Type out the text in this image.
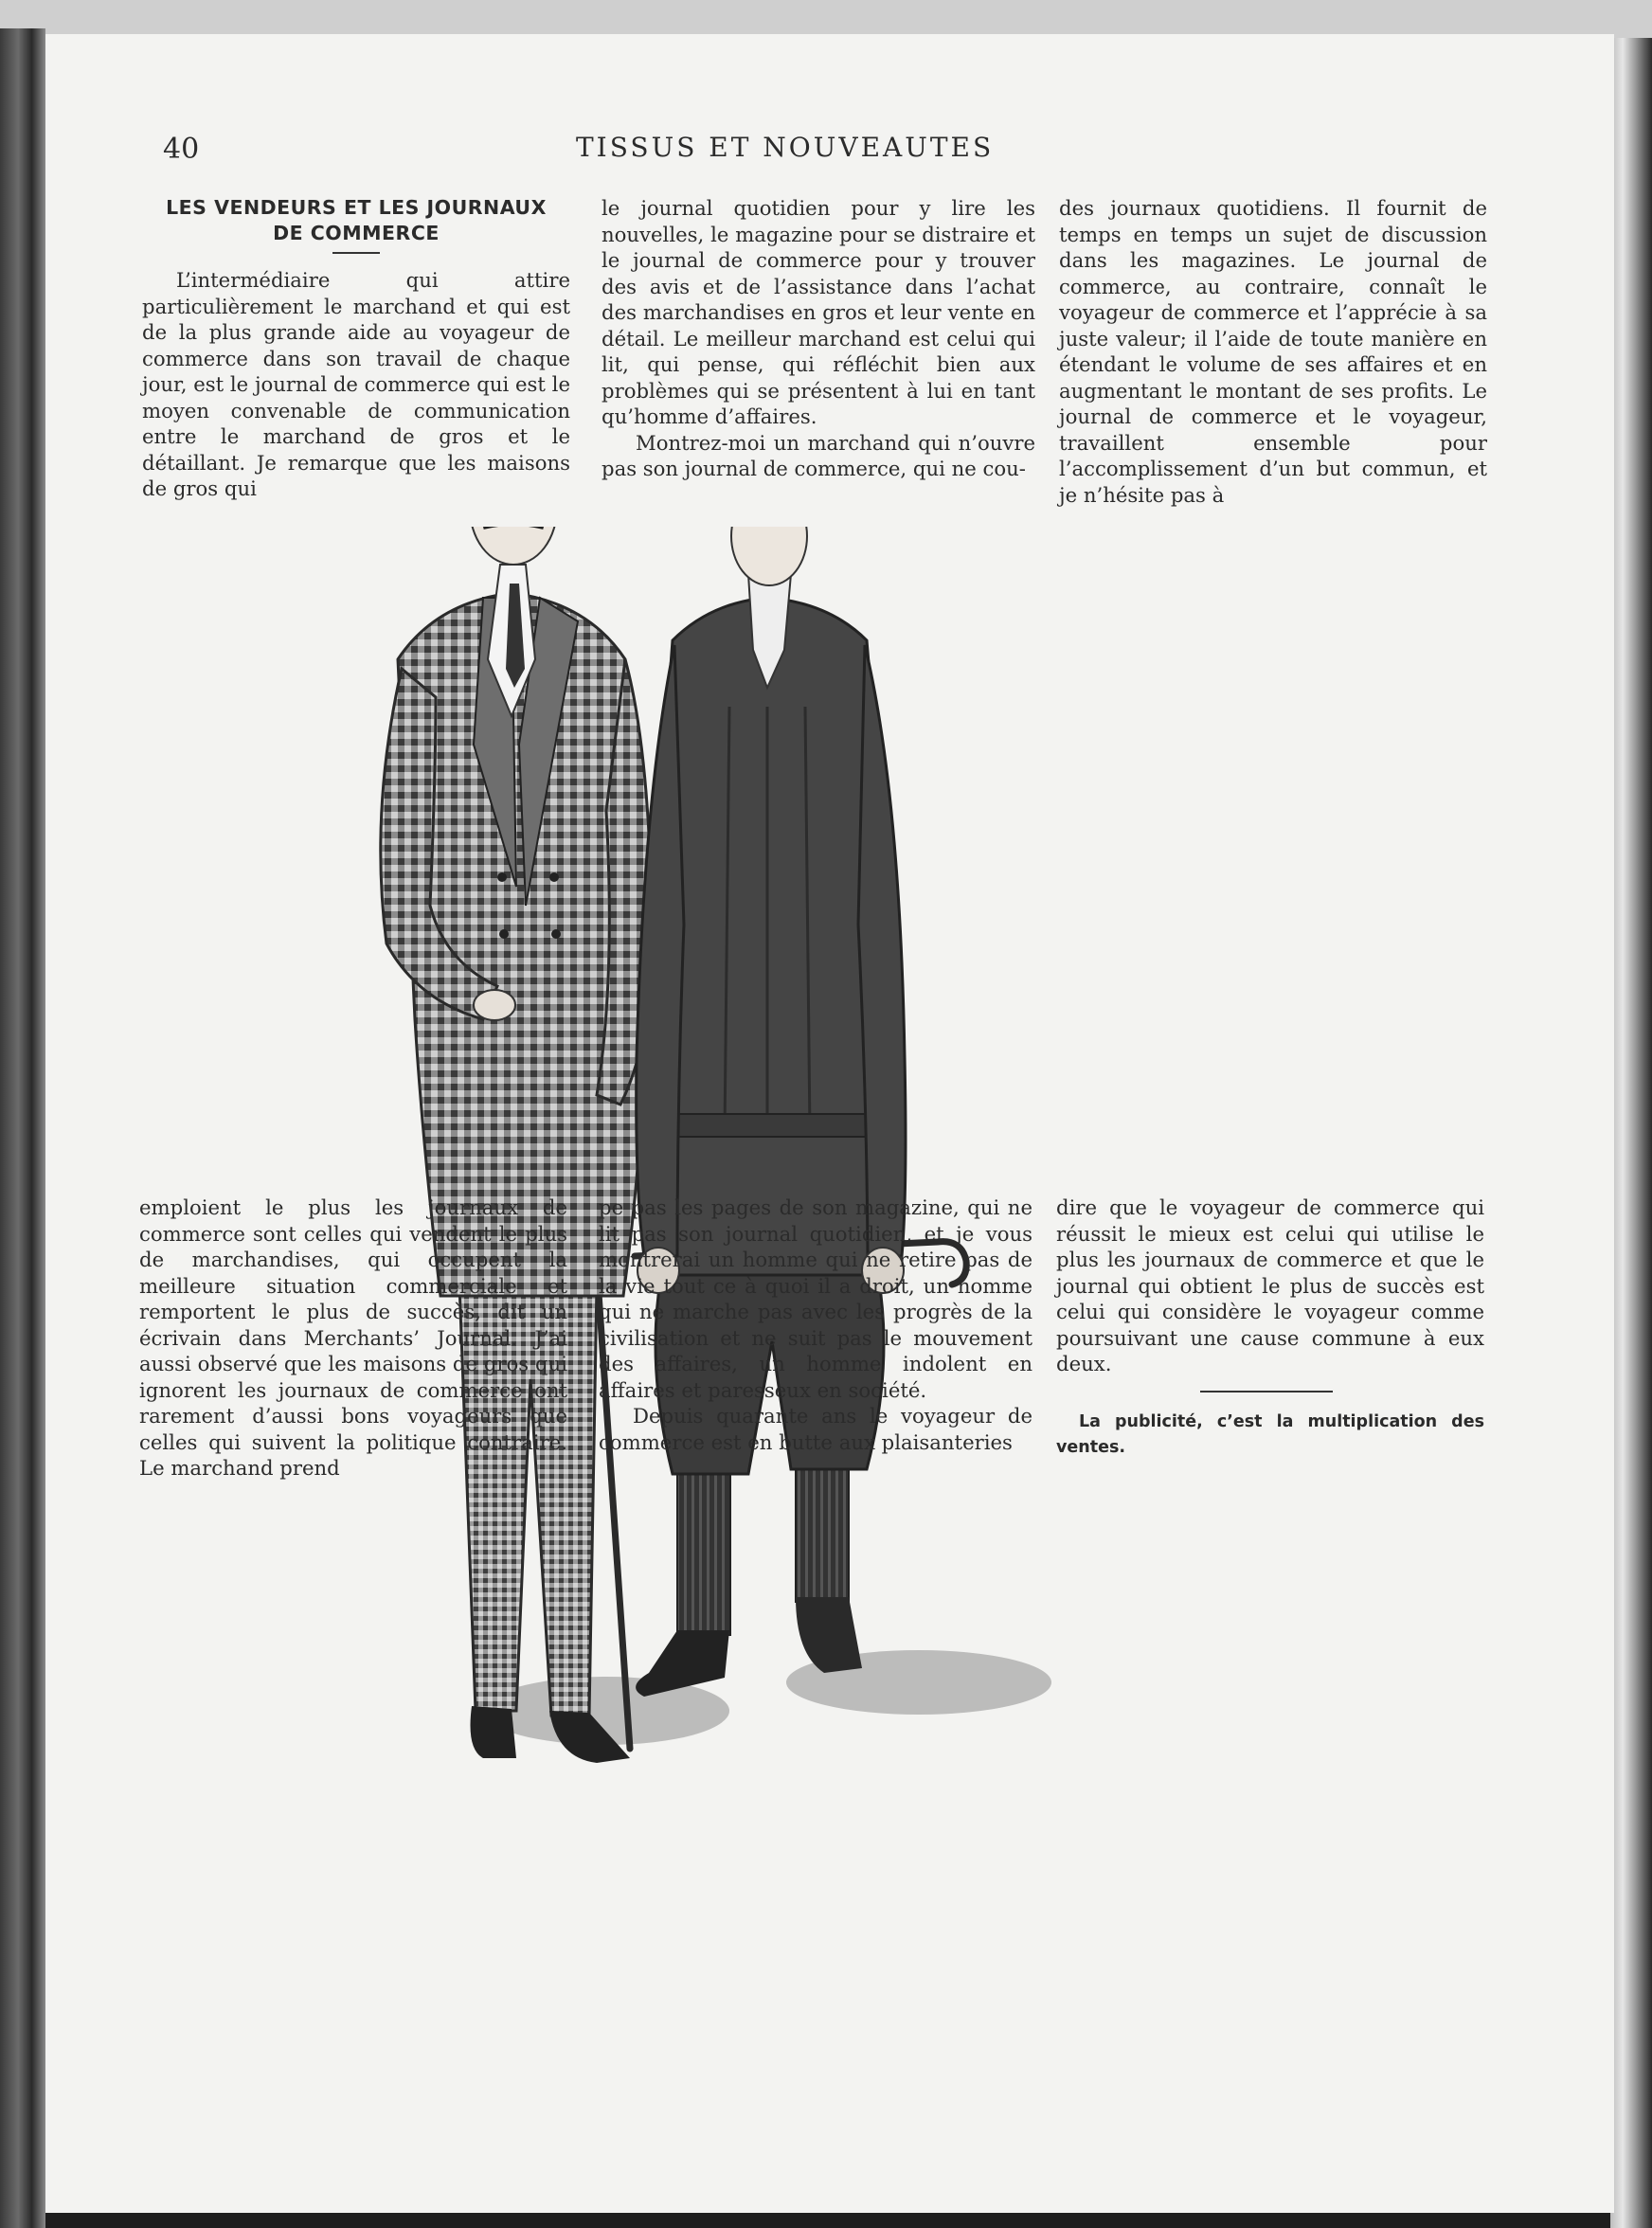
40	TISSUS ET NOUVEAUTES
LES VENDEURS ET LES JOURNAUX
DE COMMERCE

L’intermédiaire qui attire particulièrement le marchand et qui est de la plus grande aide au voyageur de commerce dans son travail de chaque jour, est le journal de commerce qui est le moyen convenable de communication entre le marchand de gros et le détaillant. Je remarque que les maisons de gros qui

le journal quotidien pour y lire les nouvelles, le magazine pour se distraire et le journal de commerce pour y trouver des avis et de l’assistance dans l’achat des marchandises en gros et leur vente en détail. Le meilleur marchand est celui qui lit, qui pense, qui réfléchit bien aux problèmes qui se présentent à lui en tant qu’homme d’affaires.

Montrez-moi un marchand qui n’ouvre pas son journal de commerce, qui ne cou-

des journaux quotidiens. Il fournit de temps en temps un sujet de discussion dans les magazines. Le journal de commerce, au contraire, connaît le voyageur de commerce et l’apprécie à sa juste valeur; il l’aide de toute manière en étendant le volume de ses affaires et en augmentant le montant de ses profits. Le journal de commerce et le voyageur, travaillent ensemble pour l’accomplissement d’un but commun, et je n’hésite pas à

emploient le plus les journaux de commerce sont celles qui vendent le plus de marchandises, qui occupent la meilleure situation commerciale et remportent le plus de succès, dit un écrivain dans Merchants’ Journal. J’ai aussi observé que les maisons de gros qui ignorent les journaux de commerce ont rarement d’aussi bons voyageurs que celles qui suivent la politique contraire. Le marchand prend

pe pas les pages de son magazine, qui ne lit pas son journal quotidien, et je vous montrerai un homme qui ne retire pas de la vie tout ce à quoi il a droit, un homme qui ne marche pas avec les progrès de la civilisation et ne suit pas le mouvement des affaires, un homme indolent en affaires et paresseux en société.

Depuis quarante ans le voyageur de commerce est en butte aux plaisanteries

dire que le voyageur de commerce qui réussit le mieux est celui qui utilise le plus les journaux de commerce et que le journal qui obtient le plus de succès est celui qui considère le voyageur comme poursuivant une cause commune à eux deux.

La publicité, c’est la multiplication des ventes.
